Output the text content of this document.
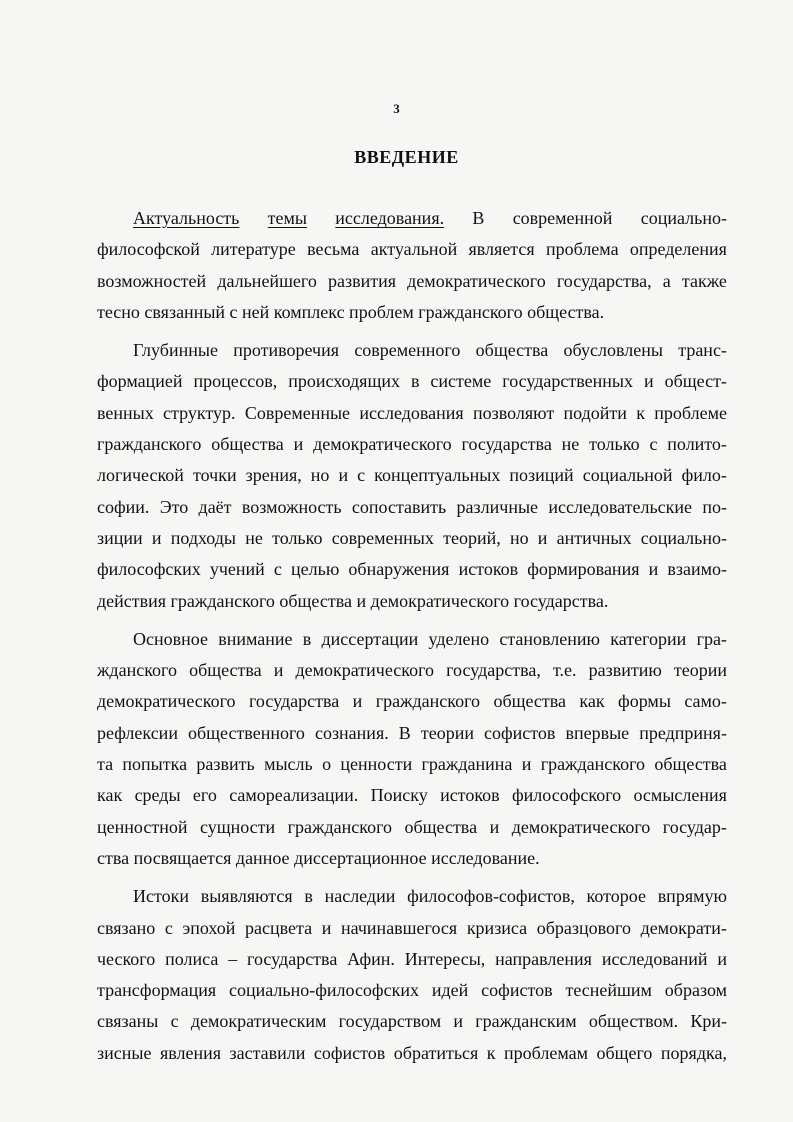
3
ВВЕДЕНИЕ
Актуальность темы исследования. В современной социально-
философской литературе весьма актуальной является проблема определения
возможностей дальнейшего развития демократического государства, а также
тесно связанный с ней комплекс проблем гражданского общества.
Глубинные противоречия современного общества обусловлены транс-
формацией процессов, происходящих в системе государственных и общест-
венных структур. Современные исследования позволяют подойти к проблеме
гражданского общества и демократического государства не только с полито-
логической точки зрения, но и с концептуальных позиций социальной фило-
софии. Это даёт возможность сопоставить различные исследовательские по-
зиции и подходы не только современных теорий, но и античных социально-
философских учений с целью обнаружения истоков формирования и взаимо-
действия гражданского общества и демократического государства.
Основное внимание в диссертации уделено становлению категории гра-
жданского общества и демократического государства, т.е. развитию теории
демократического государства и гражданского общества как формы само-
рефлексии общественного сознания. В теории софистов впервые предприня-
та попытка развить мысль о ценности гражданина и гражданского общества
как среды его самореализации. Поиску истоков философского осмысления
ценностной сущности гражданского общества и демократического государ-
ства посвящается данное диссертационное исследование.
Истоки выявляются в наследии философов-софистов, которое впрямую
связано с эпохой расцвета и начинавшегося кризиса образцового демократи-
ческого полиса – государства Афин. Интересы, направления исследований и
трансформация социально-философских идей софистов теснейшим образом
связаны с демократическим государством и гражданским обществом. Кри-
зисные явления заставили софистов обратиться к проблемам общего порядка,
